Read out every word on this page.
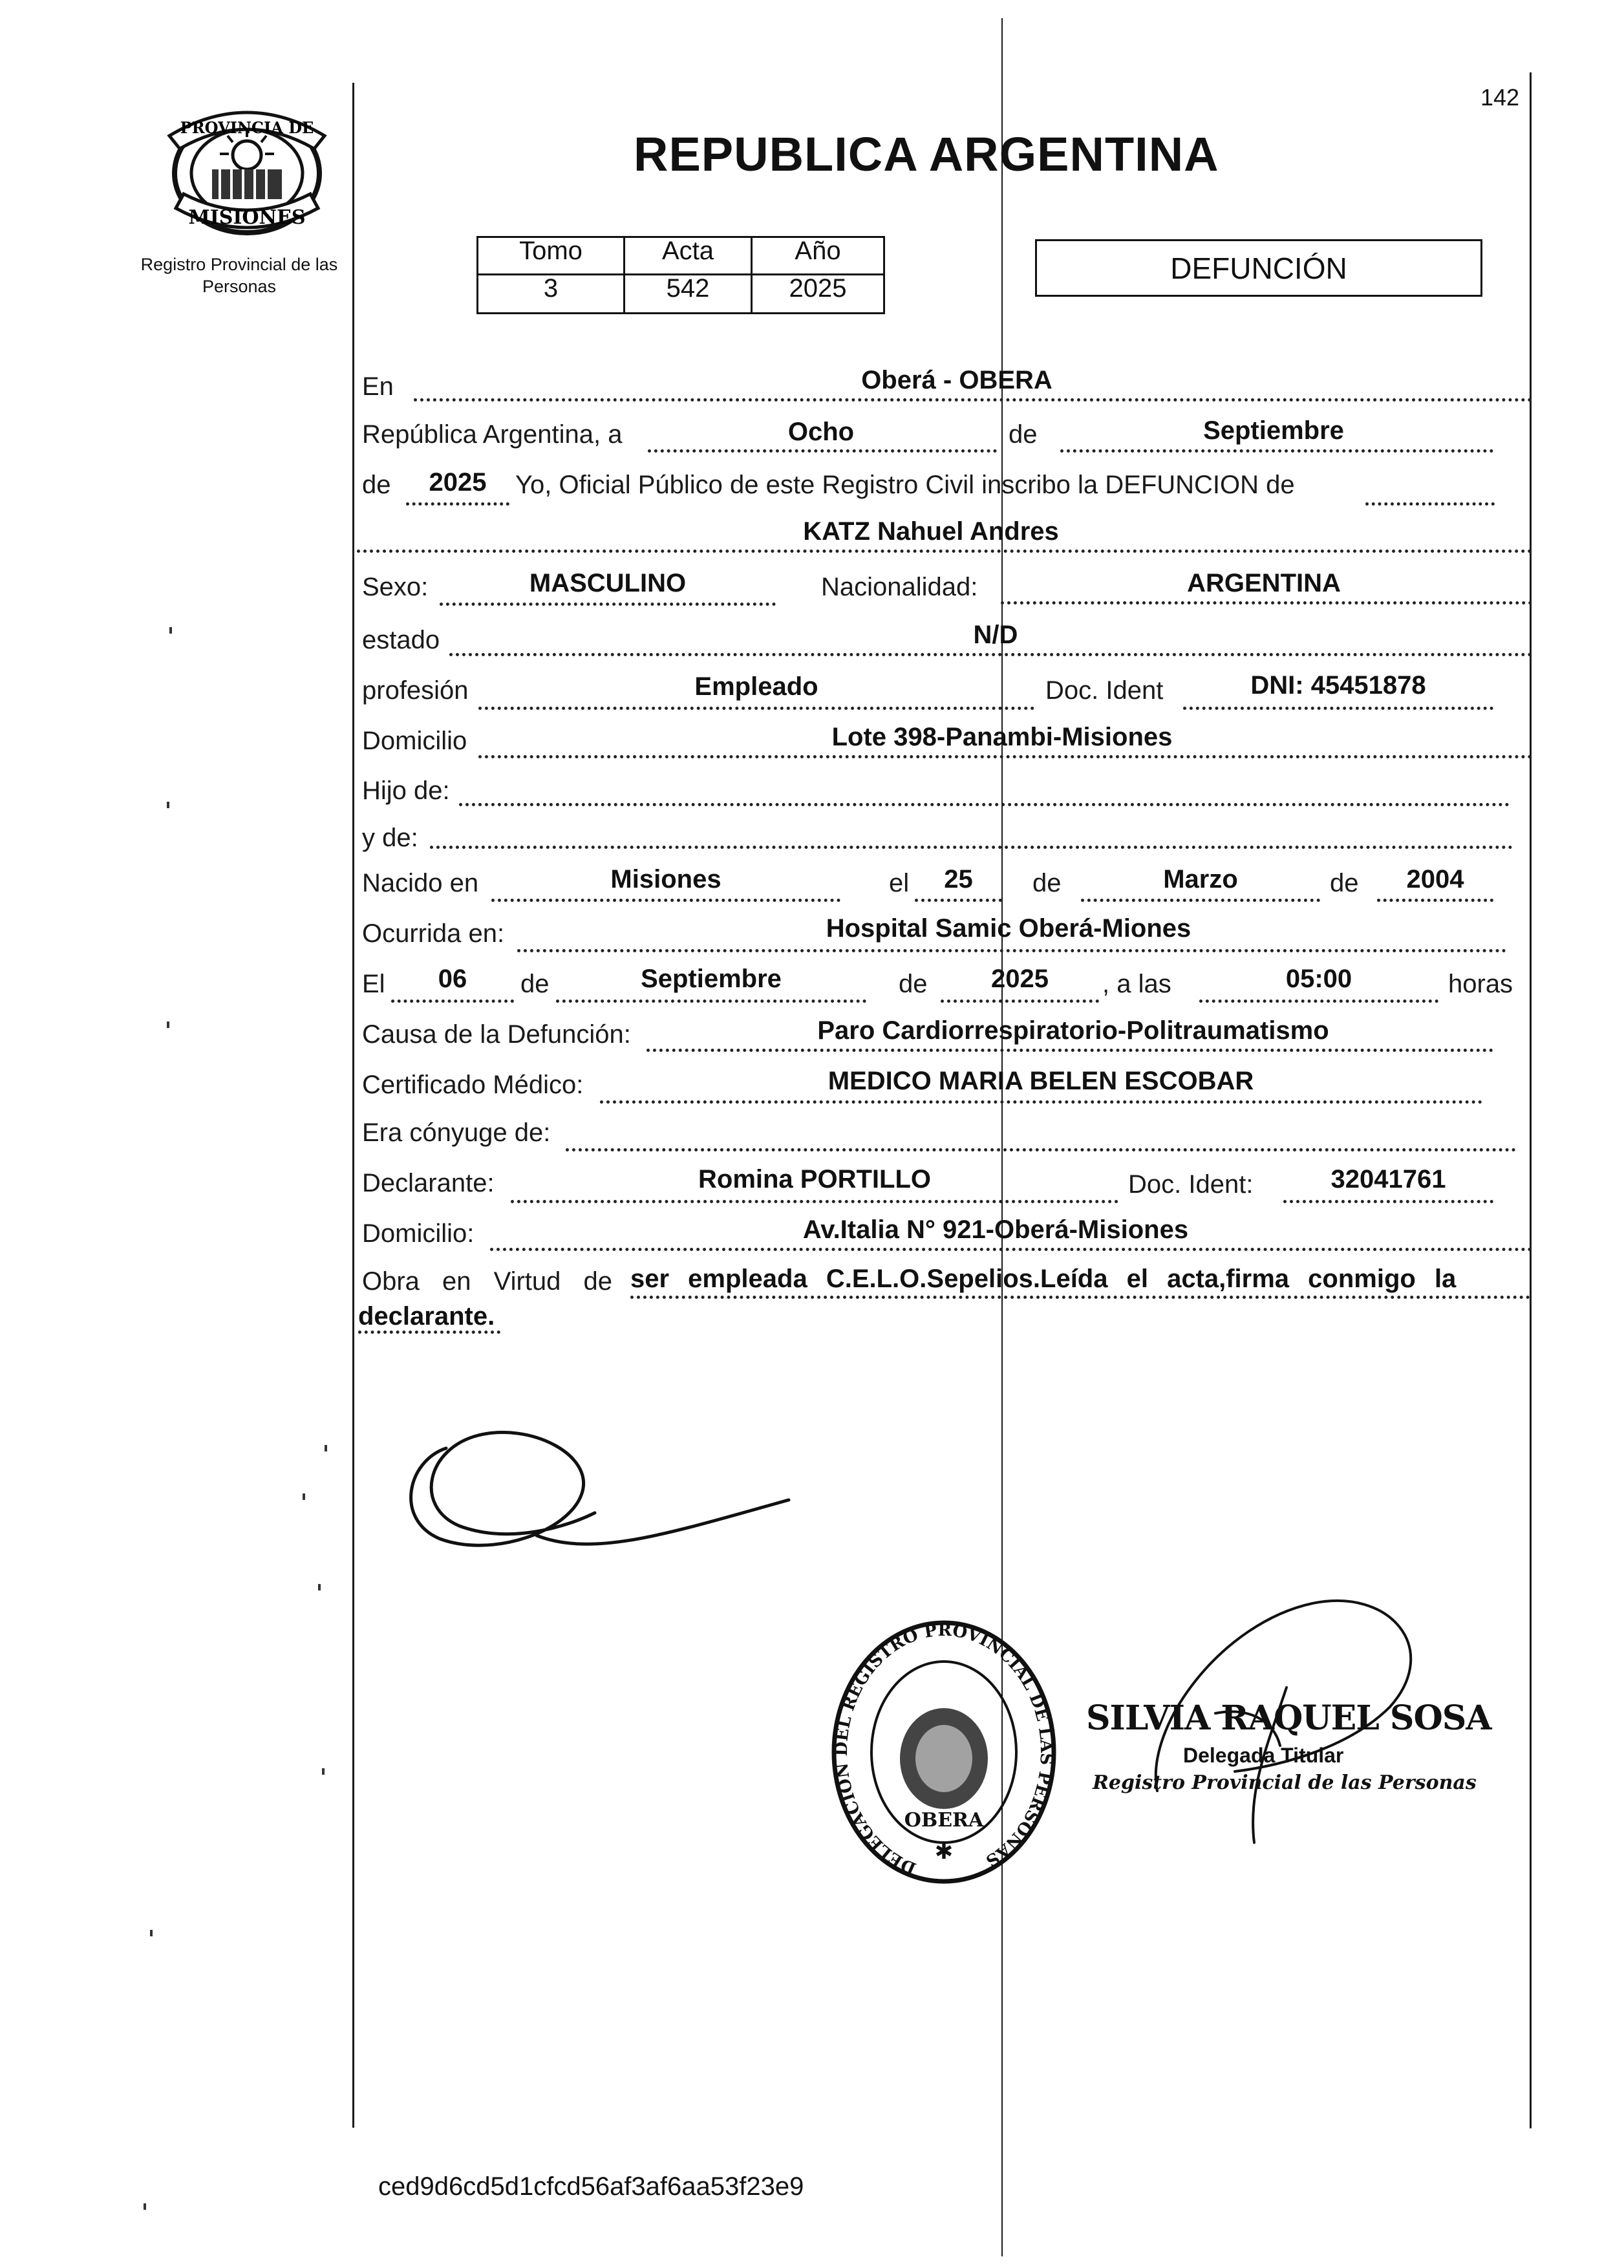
PROVINCIA DE
MISIONES
Registro Provincial de las Personas
142
REPUBLICA ARGENTINA
Tomo	Acta	Año
3	542	2025
DEFUNCIÓN
En	Oberá - OBERA
República Argentina, a	Ocho	de	Septiembre
de	2025	Yo, Oficial Público de este Registro Civil inscribo la DEFUNCION de
KATZ Nahuel Andres
Sexo:	MASCULINO	Nacionalidad:	ARGENTINA
estado	N/D
profesión	Empleado	Doc. Ident	DNI: 45451878
Domicilio	Lote 398-Panambi-Misiones
Hijo de:
y de:
Nacido en	Misiones	el	25	de	Marzo	de	2004
Ocurrida en:	Hospital Samic Oberá-Miones
El	06	de	Septiembre	de	2025	, a las	05:00	horas
Causa de la Defunción:	Paro Cardiorrespiratorio-Politraumatismo
Certificado Médico:	MEDICO MARIA BELEN ESCOBAR
Era cónyuge de:
Declarante:	Romina PORTILLO	Doc. Ident:	32041761
Domicilio:	Av.Italia N° 921-Oberá-Misiones
Obra en Virtud de ser empleada C.E.L.O.Sepelios.Leída el acta,firma conmigo la
declarante.
DELEGACION DEL REGISTRO PROVINCIAL DE LAS PERSONAS
OBERA
✱
SILVIA RAQUEL SOSA
Delegada Titular
Registro Provincial de las Personas
ced9d6cd5d1cfcd56af3af6aa53f23e9
